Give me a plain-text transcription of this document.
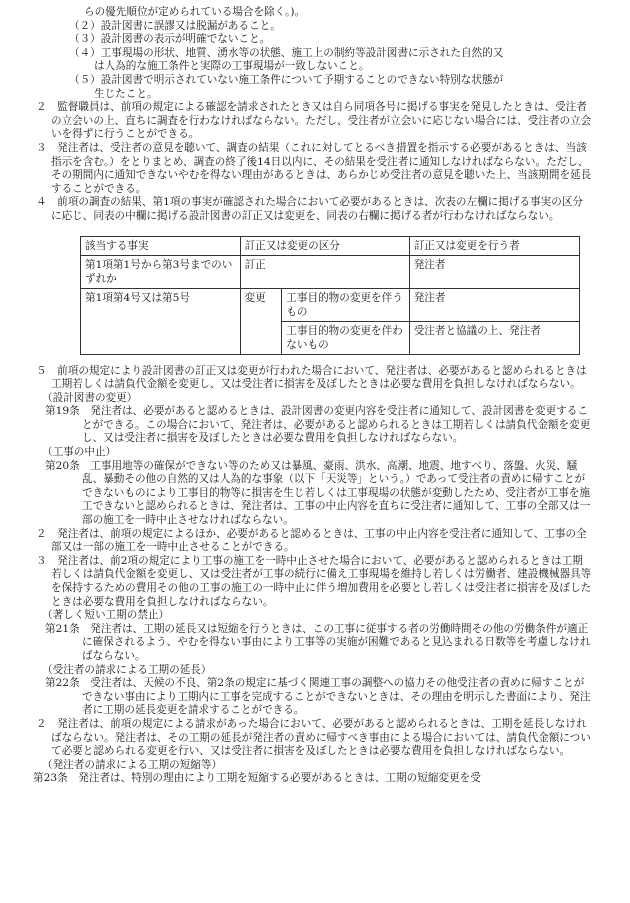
らの優先順位が定められている場合を除く。)。
（２）設計図書に誤謬又は脱漏があること。
（３）設計図書の表示が明確でないこと。
（４）工事現場の形状、地質、湧水等の状態、施工上の制約等設計図書に示された自然的又
は人為的な施工条件と実際の工事現場が一致しないこと。
（５）設計図書で明示されていない施工条件について予期することのできない特別な状態が
生じたこと。
２　監督職員は、前項の規定による確認を請求されたとき又は自ら同項各号に掲げる事実を発見したときは、受注者の立会いの上、直ちに調査を行わなければならない。ただし、受注者が立会いに応じない場合には、受注者の立会いを得ずに行うことができる。
３　発注者は、受注者の意見を聴いて、調査の結果（これに対してとるべき措置を指示する必要があるときは、当該指示を含む。）をとりまとめ、調査の終了後14日以内に、その結果を受注者に通知しなければならない。ただし、その期間内に通知できないやむを得ない理由があるときは、あらかじめ受注者の意見を聴いた上、当該期間を延長することができる。
４　前項の調査の結果、第1項の事実が確認された場合において必要があるときは、次表の左欄に掲げる事実の区分に応じ、同表の中欄に掲げる設計図書の訂正又は変更を、同表の右欄に掲げる者が行わなければならない。
該当する事実	訂正又は変更の区分		訂正又は変更を行う者
第1項第1号から第3号までのいずれか	訂正		発注者
第1項第4号又は第5号	変更	工事目的物の変更を伴うもの	発注者
		工事目的物の変更を伴わないもの	受注者と協議の上、発注者
５　前項の規定により設計図書の訂正又は変更が行われた場合において、発注者は、必要があると認められるときは工期若しくは請負代金額を変更し、又は受注者に損害を及ぼしたときは必要な費用を負担しなければならない。
（設計図書の変更）
第19条　発注者は、必要があると認めるときは、設計図書の変更内容を受注者に通知して、設計図書を変更することができる。この場合において、発注者は、必要があると認められるときは工期若しくは請負代金額を変更し、又は受注者に損害を及ぼしたときは必要な費用を負担しなければならない。
（工事の中止）
第20条　工事用地等の確保ができない等のため又は暴風、豪雨、洪水、高潮、地震、地すべり、落盤、火災、騒乱、暴動その他の自然的又は人為的な事象（以下「天災等」という。）であって受注者の責めに帰すことができないものにより工事目的物等に損害を生じ若しくは工事現場の状態が変動したため、受注者が工事を施工できないと認められるときは、発注者は、工事の中止内容を直ちに受注者に通知して、工事の全部又は一部の施工を一時中止させなければならない。
２　発注者は、前項の規定によるほか、必要があると認めるときは、工事の中止内容を受注者に通知して、工事の全部又は一部の施工を一時中止させることができる。
３　発注者は、前2項の規定により工事の施工を一時中止させた場合において、必要があると認められるときは工期若しくは請負代金額を変更し、又は受注者が工事の続行に備え工事現場を維持し若しくは労働者、建設機械器具等を保持するための費用その他の工事の施工の一時中止に伴う増加費用を必要とし若しくは受注者に損害を及ぼしたときは必要な費用を負担しなければならない。
（著しく短い工期の禁止）
第21条　発注者は、工期の延長又は短縮を行うときは、この工事に従事する者の労働時間その他の労働条件が適正に確保されるよう、やむを得ない事由により工事等の実施が困難であると見込まれる日数等を考慮しなければならない。
（受注者の請求による工期の延長）
第22条　受注者は、天候の不良、第2条の規定に基づく関連工事の調整への協力その他受注者の責めに帰すことができない事由により工期内に工事を完成することができないときは、その理由を明示した書面により、発注者に工期の延長変更を請求することができる。
２　発注者は、前項の規定による請求があった場合において、必要があると認められるときは、工期を延長しなければならない。発注者は、その工期の延長が発注者の責めに帰すべき事由による場合においては、請負代金額について必要と認められる変更を行い、又は受注者に損害を及ぼしたときは必要な費用を負担しなければならない。
（発注者の請求による工期の短縮等）
第23条　発注者は、特別の理由により工期を短縮する必要があるときは、工期の短縮変更を受
